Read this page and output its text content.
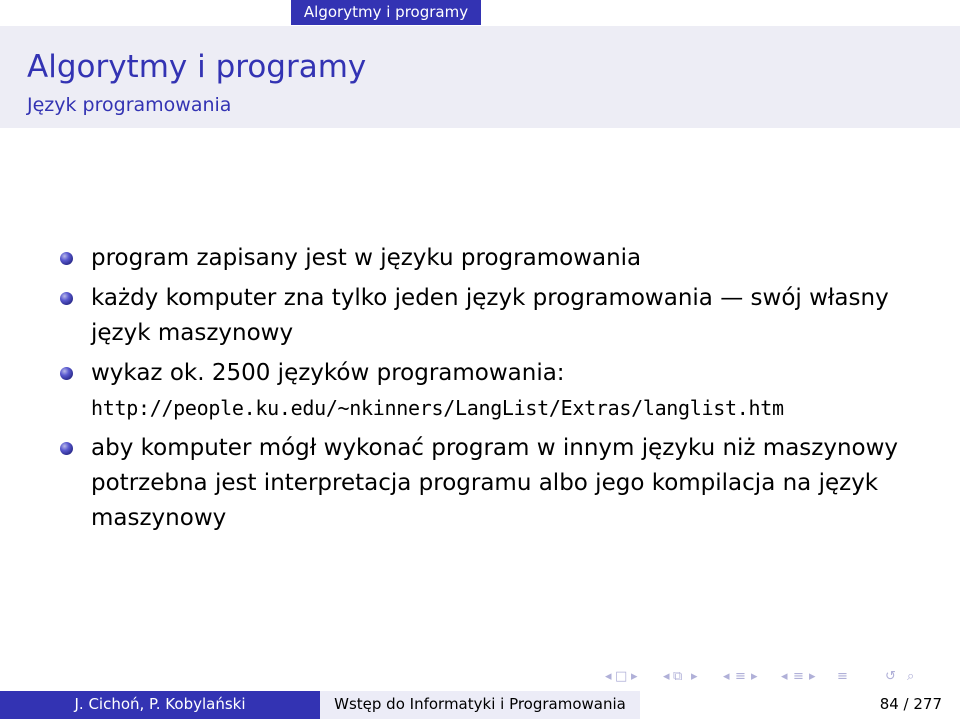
Algorytmy i programy
Algorytmy i programy
Język programowania
program zapisany jest w języku programowania
każdy komputer zna tylko jeden język programowania — swój własny język maszynowy
wykaz ok. 2500 języków programowania:
http://people.ku.edu/~nkinners/LangList/Extras/langlist.htm
aby komputer mógł wykonać program w innym języku niż maszynowy potrzebna jest interpretacja programu albo jego kompilacja na język maszynowy
◂ □ ▸ ◂ ⧉ ▸ ◂ ≡ ▸ ◂ ≡ ▸ ≡	↺ ⌕
J. Cichoń, P. Kobylański	Wstęp do Informatyki i Programowania	84 / 277
